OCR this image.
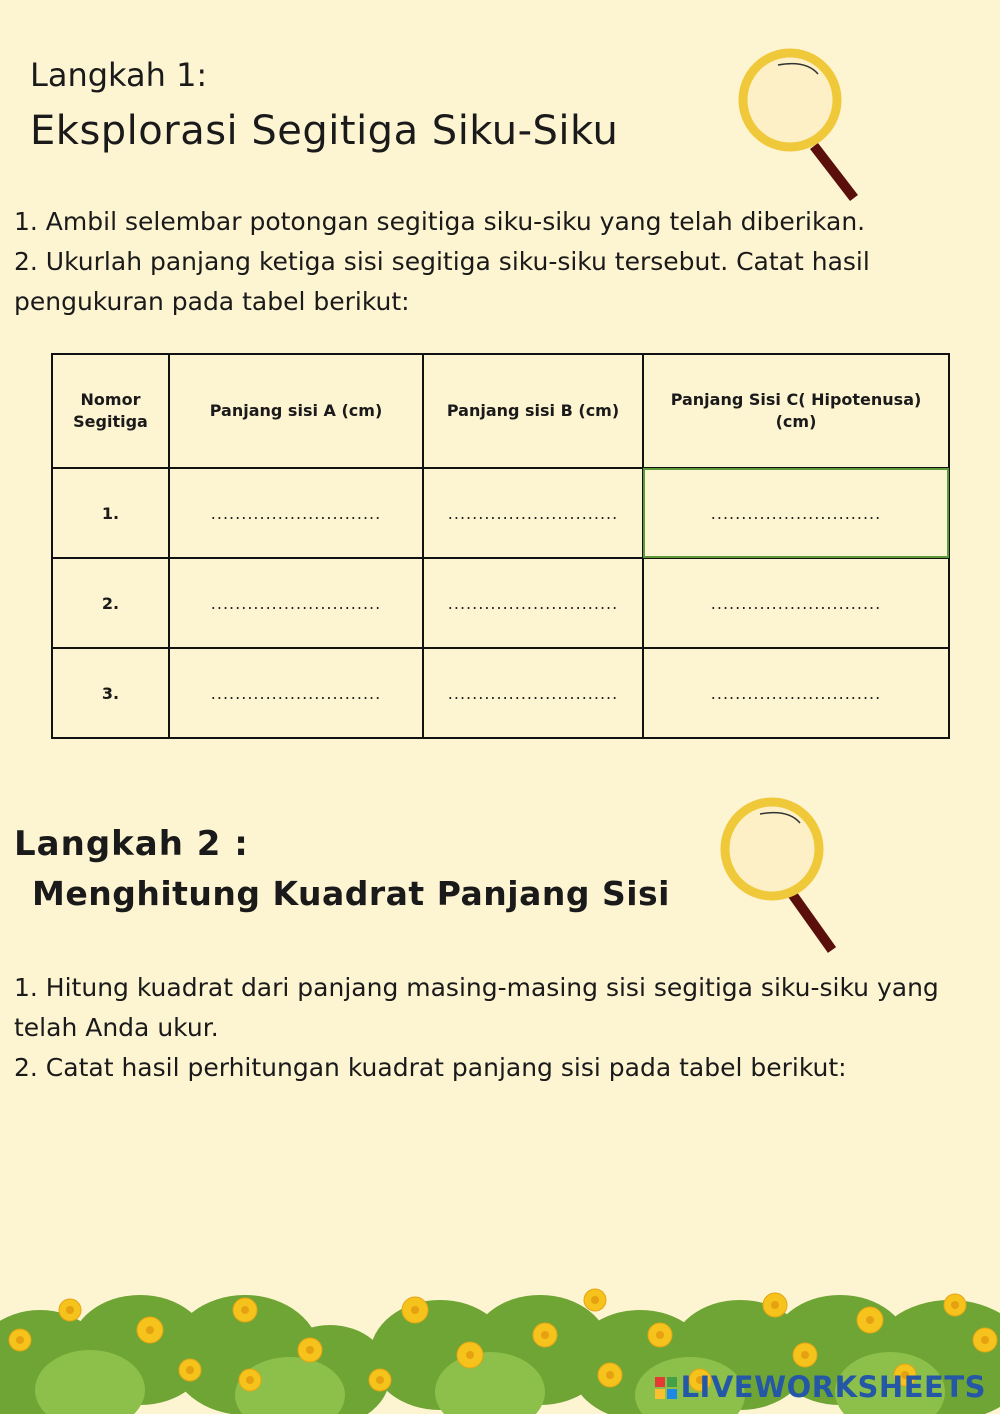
Langkah 1:
Eksplorasi Segitiga Siku-Siku

1. Ambil selembar potongan segitiga siku-siku yang telah diberikan.

2. Ukurlah panjang ketiga sisi segitiga siku-siku tersebut. Catat hasil pengukuran pada tabel berikut:

Nomor Segitiga	Panjang sisi A (cm)	Panjang sisi B (cm)	Panjang Sisi C( Hipotenusa) (cm)
1.	............................	............................	............................
2.	............................	............................	............................
3.	............................	............................	............................
Langkah 2 :
Menghitung Kuadrat Panjang Sisi

1. Hitung kuadrat dari panjang masing-masing sisi segitiga siku-siku yang telah Anda ukur.

2. Catat hasil perhitungan kuadrat panjang sisi pada tabel berikut:

LIVEWORKSHEETS
